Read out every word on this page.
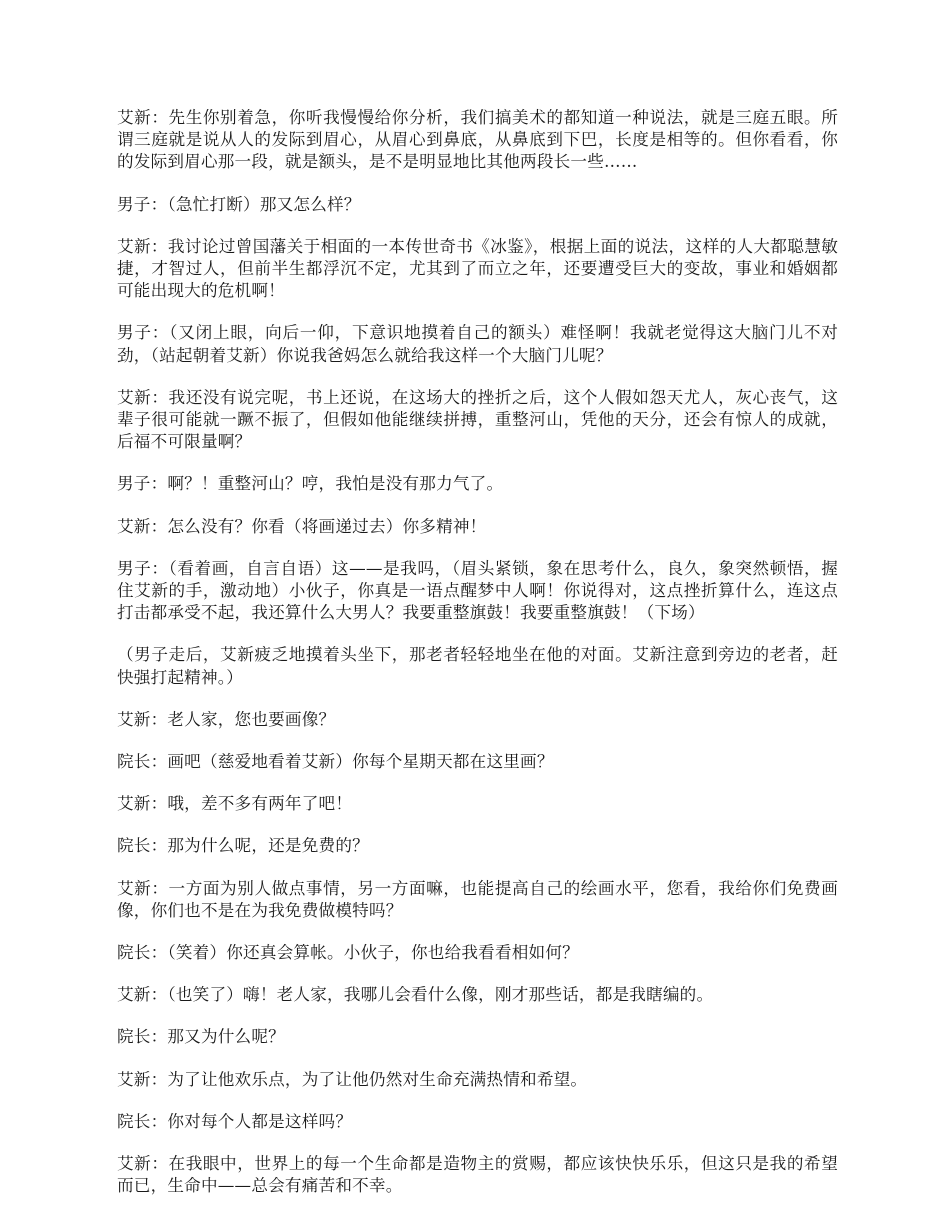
艾新：先生你别着急，你听我慢慢给你分析，我们搞美术的都知道一种说法，就是三庭五眼。所谓三庭就是说从人的发际到眉心，从眉心到鼻底，从鼻底到下巴，长度是相等的。但你看看，你的发际到眉心那一段，就是额头，是不是明显地比其他两段长一些……

男子：（急忙打断）那又怎么样？

艾新：我讨论过曾国藩关于相面的一本传世奇书《冰鉴》，根据上面的说法，这样的人大都聪慧敏捷，才智过人，但前半生都浮沉不定，尤其到了而立之年，还要遭受巨大的变故，事业和婚姻都可能出现大的危机啊！

男子：（又闭上眼，向后一仰，下意识地摸着自己的额头）难怪啊！我就老觉得这大脑门儿不对劲，（站起朝着艾新）你说我爸妈怎么就给我这样一个大脑门儿呢？

艾新：我还没有说完呢，书上还说，在这场大的挫折之后，这个人假如怨天尤人，灰心丧气，这辈子很可能就一蹶不振了，但假如他能继续拼搏，重整河山，凭他的天分，还会有惊人的成就，后福不可限量啊？

男子：啊？！重整河山？哼，我怕是没有那力气了。

艾新：怎么没有？你看（将画递过去）你多精神！

男子：（看着画，自言自语）这——是我吗，（眉头紧锁，象在思考什么，良久，象突然顿悟，握住艾新的手，激动地）小伙子，你真是一语点醒梦中人啊！你说得对，这点挫折算什么，连这点打击都承受不起，我还算什么大男人？我要重整旗鼓！我要重整旗鼓！（下场）

（男子走后，艾新疲乏地摸着头坐下，那老者轻轻地坐在他的对面。艾新注意到旁边的老者，赶快强打起精神。）

艾新：老人家，您也要画像？

院长：画吧（慈爱地看着艾新）你每个星期天都在这里画？

艾新：哦，差不多有两年了吧！

院长：那为什么呢，还是免费的？

艾新：一方面为别人做点事情，另一方面嘛，也能提高自己的绘画水平，您看，我给你们免费画像，你们也不是在为我免费做模特吗？

院长：（笑着）你还真会算帐。小伙子，你也给我看看相如何？

艾新：（也笑了）嗨！老人家，我哪儿会看什么像，刚才那些话，都是我瞎编的。

院长：那又为什么呢？

艾新：为了让他欢乐点，为了让他仍然对生命充满热情和希望。

院长：你对每个人都是这样吗？

艾新：在我眼中，世界上的每一个生命都是造物主的赏赐，都应该快快乐乐，但这只是我的希望而已，生命中——总会有痛苦和不幸。
